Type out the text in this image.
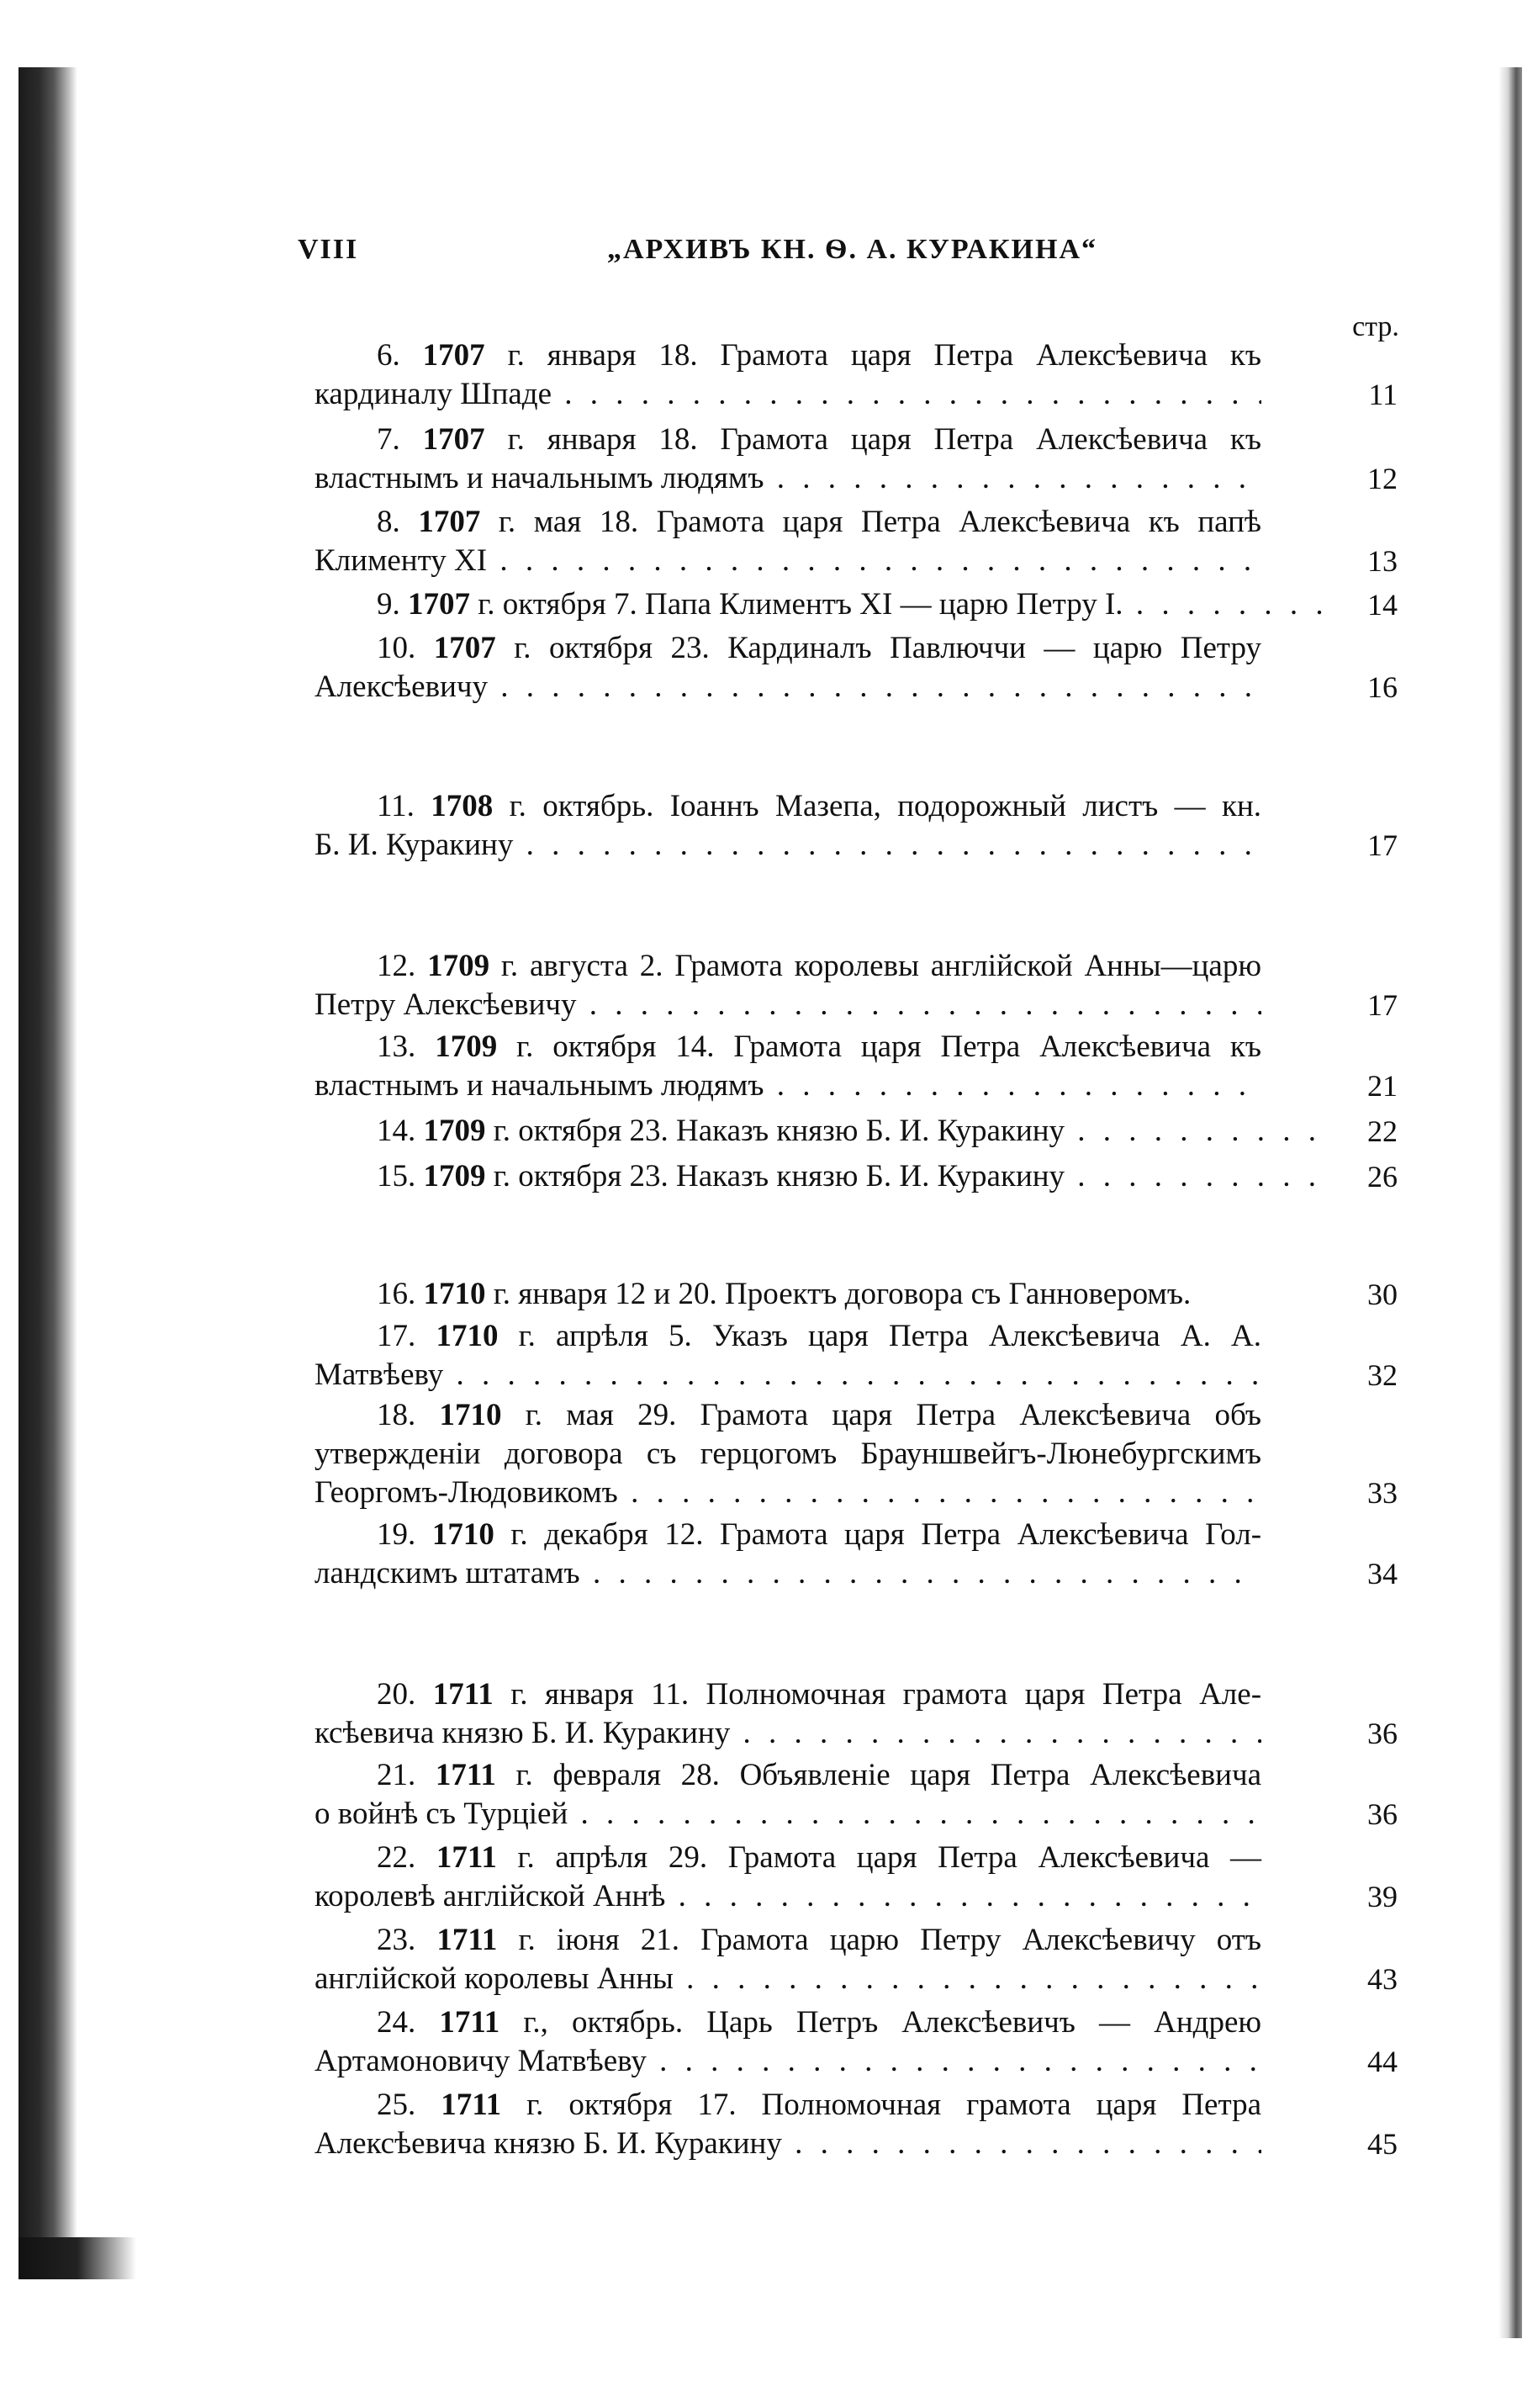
VIII	„АРХИВЪ КН. Ѳ. А. КУРАКИНА“
стр.
6. 1707 г. января 18. Грамота царя Петра Алексѣевича къ
кардиналу Шпаде . . .	11
7. 1707 г. января 18. Грамота царя Петра Алексѣевича къ
властнымъ и начальнымъ людямъ . . .	12
8. 1707 г. мая 18. Грамота царя Петра Алексѣевича къ папѣ
Клименту XI . . .	13
9. 1707 г. октября 7. Папа Климентъ XI — царю Петру I. . . .	14
10. 1707 г. октября 23. Кардиналъ Павлюччи — царю Петру
Алексѣевичу . . .	16
11. 1708 г. октябрь. Іоаннъ Мазепа, подорожный листъ — кн.
Б. И. Куракину . . .	17
12. 1709 г. августа 2. Грамота королевы англійской Анны—царю
Петру Алексѣевичу . . .	17
13. 1709 г. октября 14. Грамота царя Петра Алексѣевича къ
властнымъ и начальнымъ людямъ . . .	21
14. 1709 г. октября 23. Наказъ князю Б. И. Куракину . . .	22
15. 1709 г. октября 23. Наказъ князю Б. И. Куракину . . .	26
16. 1710 г. января 12 и 20. Проектъ договора съ Ганноверомъ.	30
17. 1710 г. апрѣля 5. Указъ царя Петра Алексѣевича А. А.
Матвѣеву . . .	32
18. 1710 г. мая 29. Грамота царя Петра Алексѣевича объ
утвержденіи договора съ герцогомъ Брауншвейгъ-Люнебургскимъ
Георгомъ-Людовикомъ . . .	33
19. 1710 г. декабря 12. Грамота царя Петра Алексѣевича Гол-
ландскимъ штатамъ . . .	34
20. 1711 г. января 11. Полномочная грамота царя Петра Але-
ксѣевича князю Б. И. Куракину . . .	36
21. 1711 г. февраля 28. Объявленіе царя Петра Алексѣевича
о войнѣ съ Турціей . . .	36
22. 1711 г. апрѣля 29. Грамота царя Петра Алексѣевича —
королевѣ англійской Аннѣ . . .	39
23. 1711 г. іюня 21. Грамота царю Петру Алексѣевичу отъ
англійской королевы Анны . . .	43
24. 1711 г., октябрь. Царь Петръ Алексѣевичъ — Андрею
Артамоновичу Матвѣеву . . .	44
25. 1711 г. октября 17. Полномочная грамота царя Петра
Алексѣевича князю Б. И. Куракину . . .	45
